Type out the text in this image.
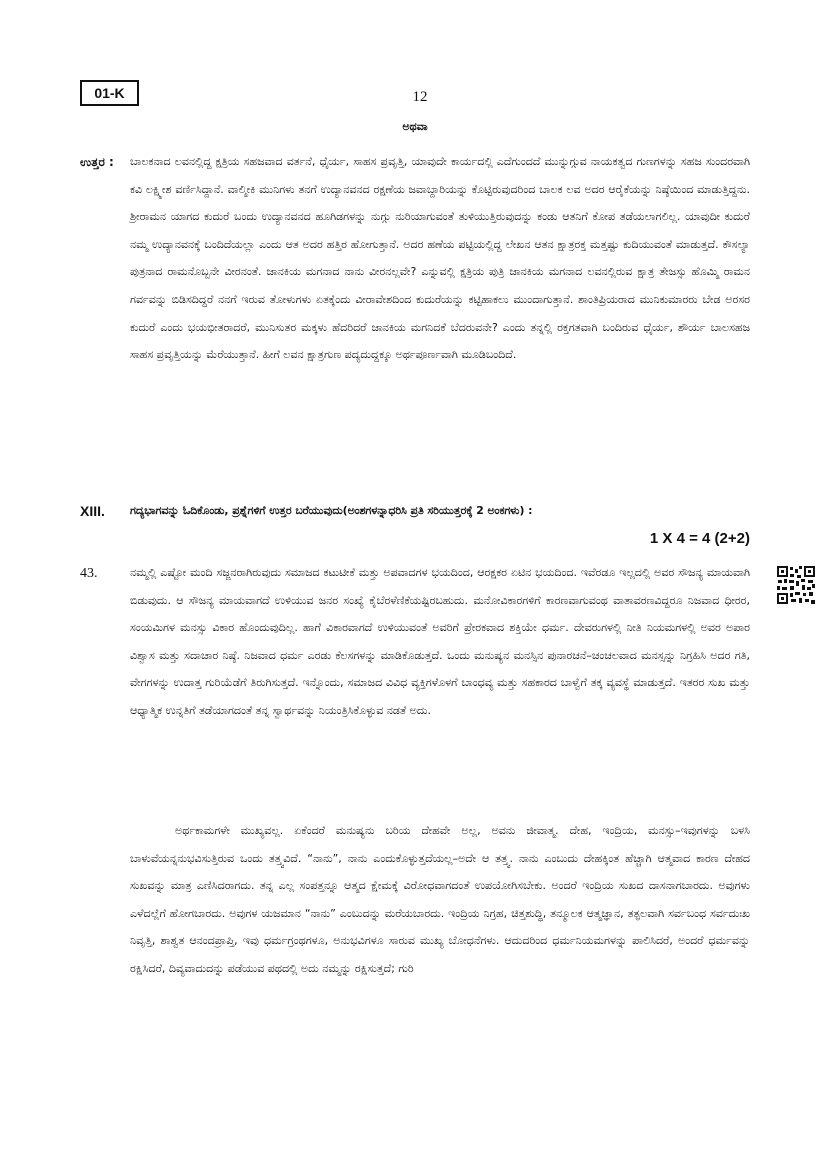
01-K	12
ಅಥವಾ
ಉತ್ತರ :	ಬಾಲಕನಾದ ಲವನಲ್ಲಿದ್ದ ಕ್ಷತ್ರಿಯ ಸಹಜವಾದ ವರ್ತನೆ, ಧೈರ್ಯ, ಸಾಹಸ ಪ್ರವೃತ್ತಿ, ಯಾವುದೇ ಕಾರ್ಯದಲ್ಲಿ ಎದೆಗುಂದದೆ ಮುನ್ನುಗ್ಗುವ ನಾಯಕತ್ವದ ಗುಣಗಳನ್ನು ಸಹಜ ಸುಂದರವಾಗಿ ಕವಿ ಲಕ್ಷ್ಮೀಶ ವರ್ಣಿಸಿದ್ದಾನೆ. ವಾಲ್ಮೀಕಿ ಮುನಿಗಳು ತನಗೆ ಉದ್ಯಾನವನದ ರಕ್ಷಣೆಯ ಜವಾಬ್ದಾರಿಯನ್ನು ಕೊಟ್ಟಿರುವುದರಿಂದ ಬಾಲಕ ಲವ ಅದರ ಆರೈಕೆಯನ್ನು ನಿಷ್ಠೆಯಿಂದ ಮಾಡುತ್ತಿದ್ದನು. ಶ್ರೀರಾಮನ ಯಾಗದ ಕುದುರೆ ಬಂದು ಉದ್ಯಾನವನದ ಹೂಗಿಡಗಳನ್ನು ನುಗ್ಗು ನುರಿಯಾಗುವಂತೆ ತುಳಿಯುತ್ತಿರುವುದನ್ನು ಕಂಡು ಆತನಿಗೆ ಕೋಪ ತಡೆಯಲಾಗಲಿಲ್ಲ. ಯಾವುದೀ ಕುದುರೆ ನಮ್ಮ ಉದ್ಯಾನವನಕ್ಕೆ ಬಂದಿದೆಯಲ್ಲಾ ಎಂದು ಆತ ಅದರ ಹತ್ತಿರ ಹೋಗುತ್ತಾನೆ. ಅದರ ಹಣೆಯ ಪಟ್ಟಿಯಲ್ಲಿದ್ದ ಲೇಖನ ಆತನ ಕ್ಷಾತ್ರರಕ್ತ ಮತ್ತಷ್ಟು ಕುದಿಯುವಂತೆ ಮಾಡುತ್ತದೆ. ಕೌಸಲ್ಯಾ ಪುತ್ರನಾದ ರಾಮನೊಬ್ಬನೇ ವೀರನಂತೆ. ಜಾನಕಿಯ ಮಗನಾದ ನಾನು ವೀರನಲ್ಲವೇ? ಎನ್ನುವಲ್ಲಿ ಕ್ಷತ್ರಿಯ ಪುತ್ರಿ ಜಾನಕಿಯ ಮಗನಾದ ಲವನಲ್ಲಿರುವ ಕ್ಷಾತ್ರ ತೇಜಸ್ಸು ಹೊಮ್ಮಿ ರಾಮನ ಗರ್ವವನ್ನು ಬಿಡಿಸದಿದ್ದರೆ ನನಗೆ ಇರುವ ತೋಳುಗಳು ಏತಕ್ಕೆಂದು ವೀರಾವೇಶದಿಂದ ಕುದುರೆಯನ್ನು ಕಟ್ಟಿಹಾಕಲು ಮುಂದಾಗುತ್ತಾನೆ. ಶಾಂತಿಪ್ರಿಯರಾದ ಮುನಿಕುಮಾರರು ಬೇಡ ಅರಸರ ಕುದುರೆ ಎಂದು ಭಯಭೀತರಾದರೆ, ಮುನಿಸುತರ ಮಕ್ಕಳು ಹೆದರಿದರೆ ಜಾನಕಿಯ ಮಗನಿದಕೆ ಬೆದರುವನೇ? ಎಂದು ತನ್ನಲ್ಲಿ ರಕ್ತಗತವಾಗಿ ಬಂದಿರುವ ಧೈರ್ಯ, ಶೌರ್ಯ ಬಾಲಸಹಜ ಸಾಹಸ ಪ್ರವೃತ್ತಿಯನ್ನು ಮೆರೆಯುತ್ತಾನೆ. ಹೀಗೆ ಲವನ ಕ್ಷಾತ್ರಗುಣ ಪದ್ಯದುದ್ದಕ್ಕೂ ಅರ್ಥಪೂರ್ಣವಾಗಿ ಮೂಡಿಬಂದಿದೆ.
XIII. ಗದ್ಯಭಾಗವನ್ನು ಓದಿಕೊಂಡು, ಪ್ರಶ್ನೆಗಳಿಗೆ ಉತ್ತರ ಬರೆಯುವುದು(ಅಂಶಗಳನ್ನಾಧರಿಸಿ ಪ್ರತಿ ಸರಿಯುತ್ತರಕ್ಕೆ 2 ಅಂಕಗಳು) :
1 X 4 = 4 (2+2)
43.	ನಮ್ಮಲ್ಲಿ ಎಷ್ಟೋ ಮಂದಿ ಸಜ್ಜನರಾಗಿರುವುದು ಸಮಾಜದ ಕಟುಟೀಕೆ ಮತ್ತು ಅಪವಾದಗಳ ಭಯದಿಂದ, ಆರಕ್ಷಕರ ಏಟಿನ ಭಯದಿಂದ. ಇವೆರಡೂ ಇಲ್ಲದಲ್ಲಿ ಅವರ ಸೌಜನ್ಯ ಮಾಯವಾಗಿ ಬಿಡುವುದು. ಆ ಸೌಜನ್ಯ ಮಾಯವಾಗದೆ ಉಳಿಯುವ ಜನರ ಸಂಖ್ಯೆ ಕೈಬೆರಳೆಣಿಕೆಯಷ್ಟಿರಬಹುದು. ಮನೋವಿಕಾರಗಳಿಗೆ ಕಾರಣವಾಗುವಂಥ ವಾತಾವರಣವಿದ್ದರೂ ನಿಜವಾದ ಧೀರರ, ಸಂಯಮಿಗಳ ಮನಸ್ಸು ವಿಕಾರ ಹೊಂದುವುದಿಲ್ಲ. ಹಾಗೆ ವಿಕಾರವಾಗದೆ ಉಳಿಯುವಂತೆ ಅವರಿಗೆ ಪ್ರೇರಕವಾದ ಶಕ್ತಿಯೇ ಧರ್ಮ. ದೇವರುಗಳಲ್ಲಿ ನೀತಿ ನಿಯಮಗಳಲ್ಲಿ ಅವರ ಅಪಾರ ವಿಶ್ವಾಸ ಮತ್ತು ಸದಾಚಾರ ನಿಷ್ಠೆ. ನಿಜವಾದ ಧರ್ಮ ಎರಡು ಕೆಲಸಗಳನ್ನು ಮಾಡಿಕೊಡುತ್ತದೆ. ಒಂದು ಮನುಷ್ಯನ ಮನಸ್ಸಿನ ಪುನಾರಚನೆ–ಚಂಚಲವಾದ ಮನಸ್ಸನ್ನು ನಿಗ್ರಹಿಸಿ ಅದರ ಗತಿ, ವೇಗಗಳನ್ನು ಉದಾತ್ತ ಗುರಿಯೆಡೆಗೆ ತಿರುಗಿಸುತ್ತದೆ. ಇನ್ನೊಂದು, ಸಮಾಜದ ವಿವಿಧ ವ್ಯಕ್ತಿಗಳೊಳಗೆ ಬಾಂಧವ್ಯ ಮತ್ತು ಸಹಕಾರದ ಬಾಳ್ವೆಗೆ ತಕ್ಕ ವ್ಯವಸ್ಥೆ ಮಾಡುತ್ತದೆ. ಇತರರ ಸುಖ ಮತ್ತು ಆಧ್ಯಾತ್ಮಿಕ ಉನ್ನತಿಗೆ ತಡೆಯಾಗದಂತೆ ತನ್ನ ಸ್ವಾರ್ಥವನ್ನು ನಿಯಂತ್ರಿಸಿಕೊಳ್ಳುವ ನಡತೆ ಅದು.
ಅರ್ಥಕಾಮಗಳೇ ಮುಖ್ಯವಲ್ಲ. ಏಕೆಂದರೆ ಮನುಷ್ಯನು ಬರಿಯ ದೇಹವೇ ಅಲ್ಲ, ಅವನು ಜೀವಾತ್ಮ. ದೇಹ, ಇಂದ್ರಿಯ, ಮನಸ್ಸು–ಇವುಗಳನ್ನು ಬಳಸಿ ಬಾಳುವೆಯನ್ನನುಭವಿಸುತ್ತಿರುವ ಒಂದು ತತ್ತ್ವವಿದೆ. “ನಾನು”, ನಾನು ಎಂದುಕೊಳ್ಳುತ್ತದೆಯಲ್ಲ–ಅದೇ ಆ ತತ್ತ್ವ. ನಾನು ಎಂಬುದು ದೇಹಕ್ಕಿಂತ ಹೆಚ್ಚಾಗಿ ಆತ್ಮವಾದ ಕಾರಣ ದೇಹದ ಸುಖವನ್ನು ಮಾತ್ರ ಎಣಿಸಿದರಾಗದು. ತನ್ನ ಎಲ್ಲ ಸಂಪತ್ತನ್ನೂ ಆತ್ಮದ ಕ್ಷೇಮಕ್ಕೆ ವಿರೋಧವಾಗದಂತೆ ಉಪಯೋಗಿಸಬೇಕು. ಅಂದರೆ ಇಂದ್ರಿಯ ಸುಖದ ದಾಸನಾಗಬಾರದು. ಅವುಗಳು ಎಳೆದಲ್ಲೆಗೆ ಹೋಗಬಾರದು. ಅವುಗಳ ಯಜಮಾನ “ನಾನು” ಎಂಬುದನ್ನು ಮರೆಯಬಾರದು. ಇಂದ್ರಿಯ ನಿಗ್ರಹ, ಚಿತ್ತಶುದ್ಧಿ, ತನ್ಮೂಲಕ ಆತ್ಮಜ್ಞಾನ, ತತ್ಫಲವಾಗಿ ಸರ್ವಬಂಧ ಸರ್ವದುಃಖ ನಿವೃತ್ತಿ, ಶಾಶ್ವತ ಆನಂದಪ್ರಾಪ್ತಿ, ಇವು ಧರ್ಮಗ್ರಂಥಗಳೂ, ಅನುಭವಿಗಳೂ ಸಾರುವ ಮುಖ್ಯ ಬೋಧನೆಗಳು. ಆದುದರಿಂದ ಧರ್ಮನಿಯಮಗಳನ್ನು ಪಾಲಿಸಿದರೆ, ಅಂದರೆ ಧರ್ಮವನ್ನು ರಕ್ಷಿಸಿದರೆ, ದಿವ್ಯವಾದುದನ್ನು ಪಡೆಯುವ ಪಥದಲ್ಲಿ ಅದು ನಮ್ಮನ್ನು ರಕ್ಷಿಸುತ್ತದೆ; ಗುರಿ
